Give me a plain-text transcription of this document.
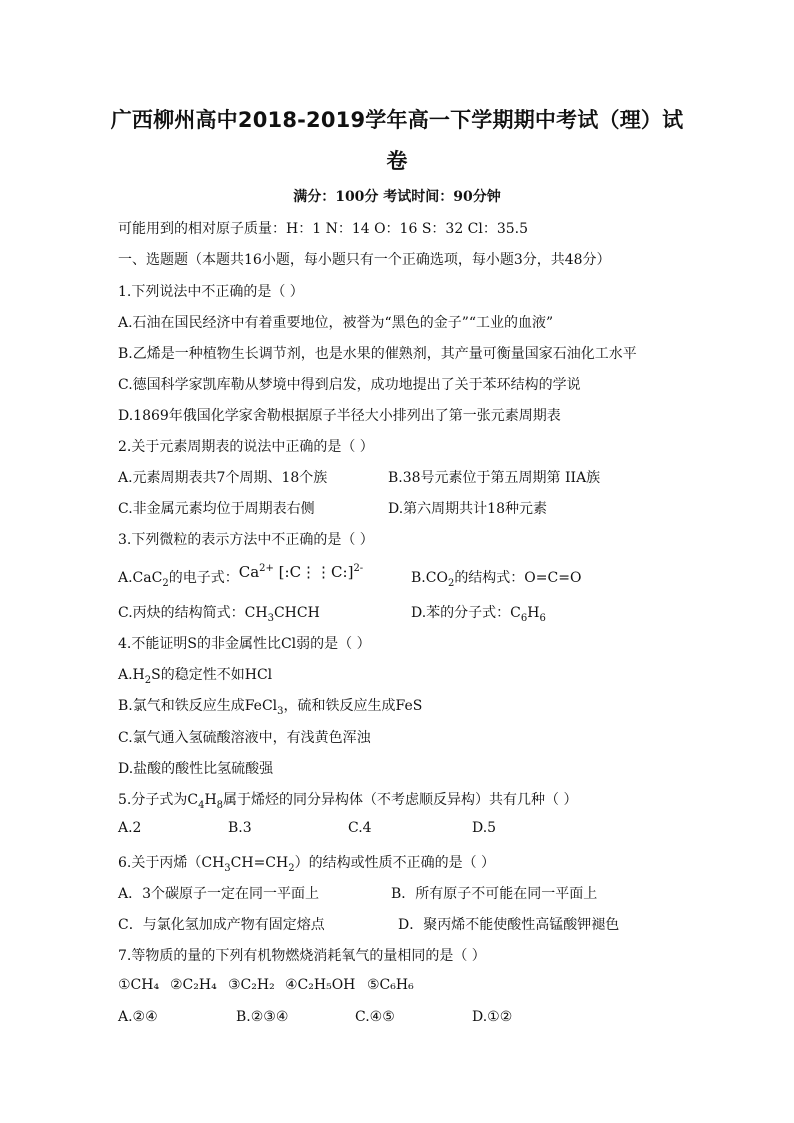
广西柳州高中2018-2019学年高一下学期期中考试（理）试
卷
满分：100分 考试时间：90分钟
可能用到的相对原子质量：H：1 N：14 O：16 S：32 Cl：35.5
一、选题题（本题共16小题，每小题只有一个正确选项，每小题3分，共48分）
1.下列说法中不正确的是（ ）
A.石油在国民经济中有着重要地位，被誉为“黑色的金子”“工业的血液”
B.乙烯是一种植物生长调节剂，也是水果的催熟剂，其产量可衡量国家石油化工水平
C.德国科学家凯库勒从梦境中得到启发，成功地提出了关于苯环结构的学说
D.1869年俄国化学家舍勒根据原子半径大小排列出了第一张元素周期表
2.关于元素周期表的说法中正确的是（ ）
A.元素周期表共7个周期、18个族	B.38号元素位于第五周期第 IIA族
C.非金属元素均位于周期表右侧	D.第六周期共计18种元素
3.下列微粒的表示方法中不正确的是（ ）
A.CaC$_2$的电子式：$Ca^{2+}$ [:C⋮⋮C:]$^{2-}$
$B.CO_2$的结构式：O=C=O
C.丙炔的结构简式：$CH_3CHCH$	D.苯的分子式：$C_6H_6$
4.不能证明S的非金属性比Cl弱的是（ ）
$A.H_2S$的稳定性不如HCl
B.氯气和铁反应生成FeCl$_3$，硫和铁反应生成FeS
C.氯气通入氢硫酸溶液中，有浅黄色浑浊
D.盐酸的酸性比氢硫酸强
5.分子式为$C_4H_8$属于烯烃的同分异构体（不考虑顺反异构）共有几种（ ）
A.2	B.3	C.4	D.5
6.关于丙烯$(CH_3CH=CH_2)$的结构或性质不正确的是（ ）
A．3个碳原子一定在同一平面上	B．所有原子不可能在同一平面上
C．与氯化氢加成产物有固定熔点	D．聚丙烯不能使酸性高锰酸钾褪色
7.等物质的量的下列有机物燃烧消耗氧气的量相同的是（ ）
①CH₄ ②C₂H₄ ③C₂H₂ ④C₂H₅OH ⑤C₆H₆
A.②④	B.②③④	C.④⑤	D.①②
